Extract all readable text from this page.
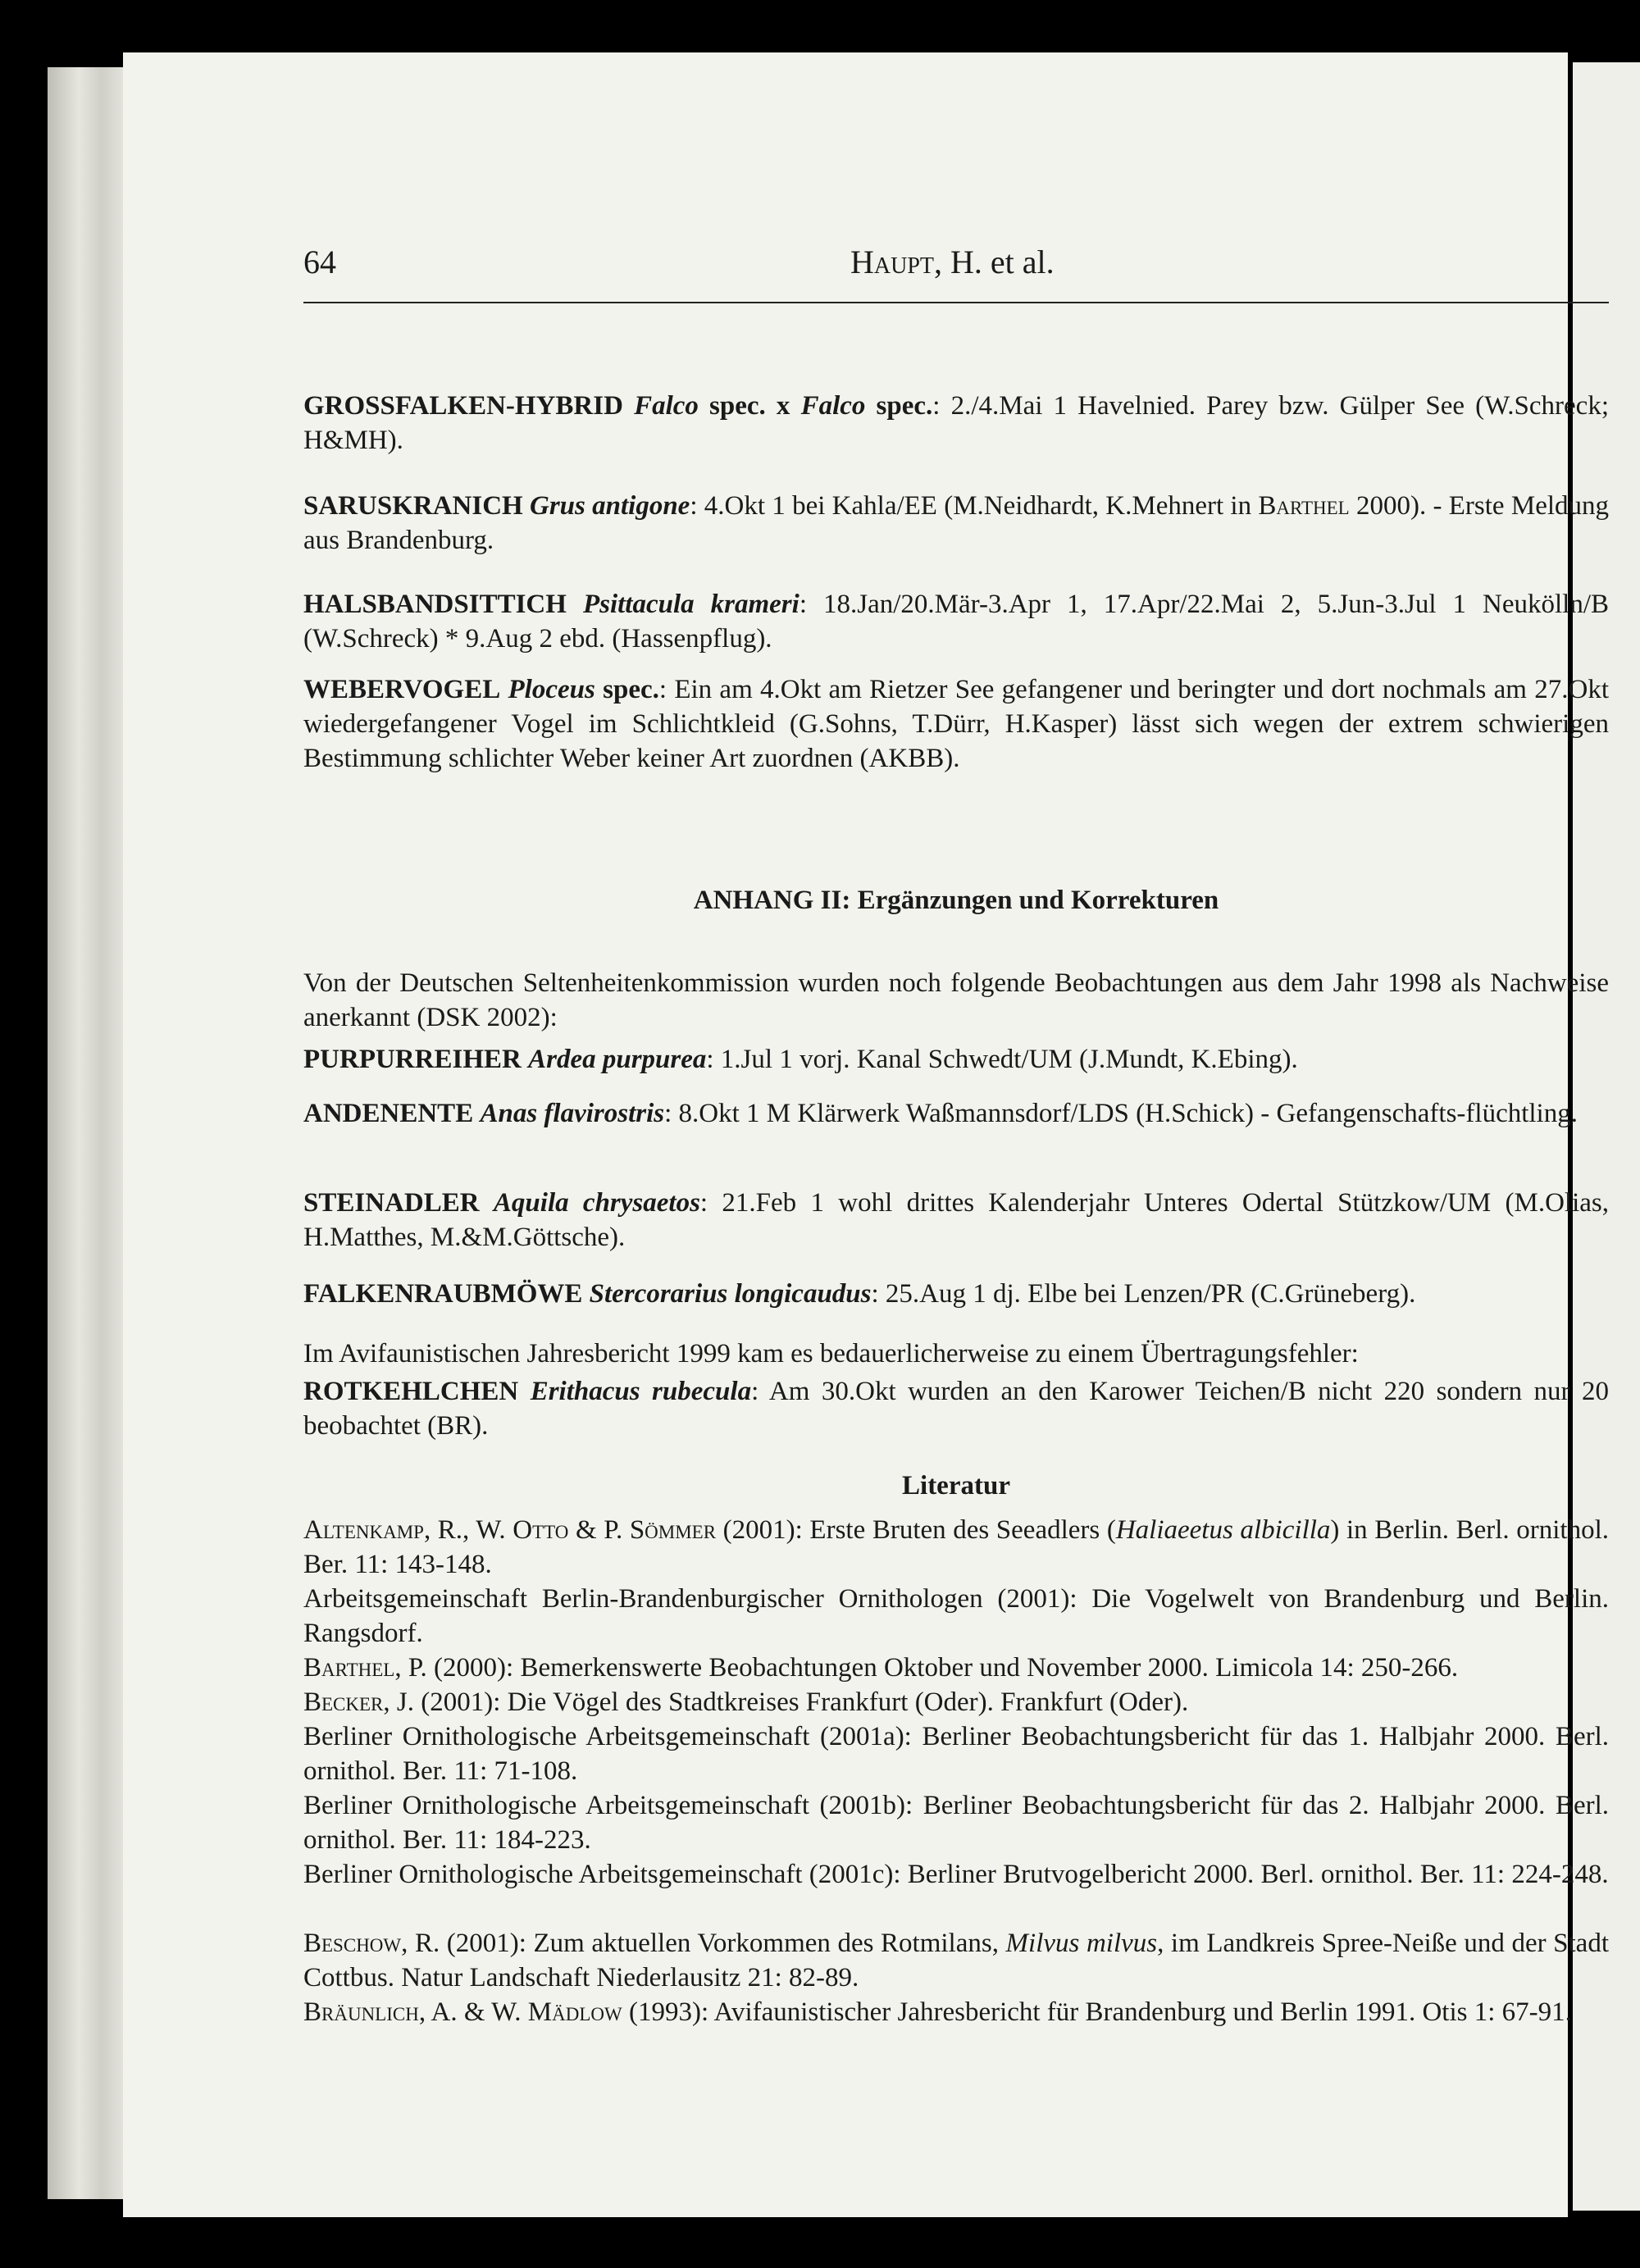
64	Haupt, H. et al.

GROSSFALKEN-HYBRID Falco spec. x Falco spec.: 2./4.Mai 1 Havelnied. Parey bzw. Gülper See (W.Schreck; H&MH).

SARUSKRANICH Grus antigone: 4.Okt 1 bei Kahla/EE (M.Neidhardt, K.Mehnert in Barthel 2000). - Erste Meldung aus Brandenburg.

HALSBANDSITTICH Psittacula krameri: 18.Jan/20.Mär-3.Apr 1, 17.Apr/22.Mai 2, 5.Jun-3.Jul 1 Neukölln/B (W.Schreck) * 9.Aug 2 ebd. (Hassenpflug).

WEBERVOGEL Ploceus spec.: Ein am 4.Okt am Rietzer See gefangener und beringter und dort nochmals am 27.Okt wiedergefangener Vogel im Schlichtkleid (G.Sohns, T.Dürr, H.Kasper) lässt sich wegen der extrem schwierigen Bestimmung schlichter Weber keiner Art zuordnen (AKBB).

ANHANG II: Ergänzungen und Korrekturen

Von der Deutschen Seltenheitenkommission wurden noch folgende Beobachtungen aus dem Jahr 1998 als Nachweise anerkannt (DSK 2002):

PURPURREIHER Ardea purpurea: 1.Jul 1 vorj. Kanal Schwedt/UM (J.Mundt, K.Ebing).

ANDENENTE Anas flavirostris: 8.Okt 1 M Klärwerk Waßmannsdorf/LDS (H.Schick) - Gefangenschafts-flüchtling.

STEINADLER Aquila chrysaetos: 21.Feb 1 wohl drittes Kalenderjahr Unteres Odertal Stützkow/UM (M.Olias, H.Matthes, M.&M.Göttsche).

FALKENRAUBMÖWE Stercorarius longicaudus: 25.Aug 1 dj. Elbe bei Lenzen/PR (C.Grüneberg).

Im Avifaunistischen Jahresbericht 1999 kam es bedauerlicherweise zu einem Übertragungsfehler:

ROTKEHLCHEN Erithacus rubecula: Am 30.Okt wurden an den Karower Teichen/B nicht 220 sondern nur 20 beobachtet (BR).

Literatur

Altenkamp, R., W. Otto & P. Sömmer (2001): Erste Bruten des Seeadlers (Haliaeetus albicilla) in Berlin. Berl. ornithol. Ber. 11: 143-148.

Arbeitsgemeinschaft Berlin-Brandenburgischer Ornithologen (2001): Die Vogelwelt von Brandenburg und Berlin. Rangsdorf.

Barthel, P. (2000): Bemerkenswerte Beobachtungen Oktober und November 2000. Limicola 14: 250-266.

Becker, J. (2001): Die Vögel des Stadtkreises Frankfurt (Oder). Frankfurt (Oder).

Berliner Ornithologische Arbeitsgemeinschaft (2001a): Berliner Beobachtungsbericht für das 1. Halbjahr 2000. Berl. ornithol. Ber. 11: 71-108.

Berliner Ornithologische Arbeitsgemeinschaft (2001b): Berliner Beobachtungsbericht für das 2. Halbjahr 2000. Berl. ornithol. Ber. 11: 184-223.

Berliner Ornithologische Arbeitsgemeinschaft (2001c): Berliner Brutvogelbericht 2000. Berl. ornithol. Ber. 11: 224-248.

Beschow, R. (2001): Zum aktuellen Vorkommen des Rotmilans, Milvus milvus, im Landkreis Spree-Neiße und der Stadt Cottbus. Natur Landschaft Niederlausitz 21: 82-89.

Bräunlich, A. & W. Mädlow (1993): Avifaunistischer Jahresbericht für Brandenburg und Berlin 1991. Otis 1: 67-91.
